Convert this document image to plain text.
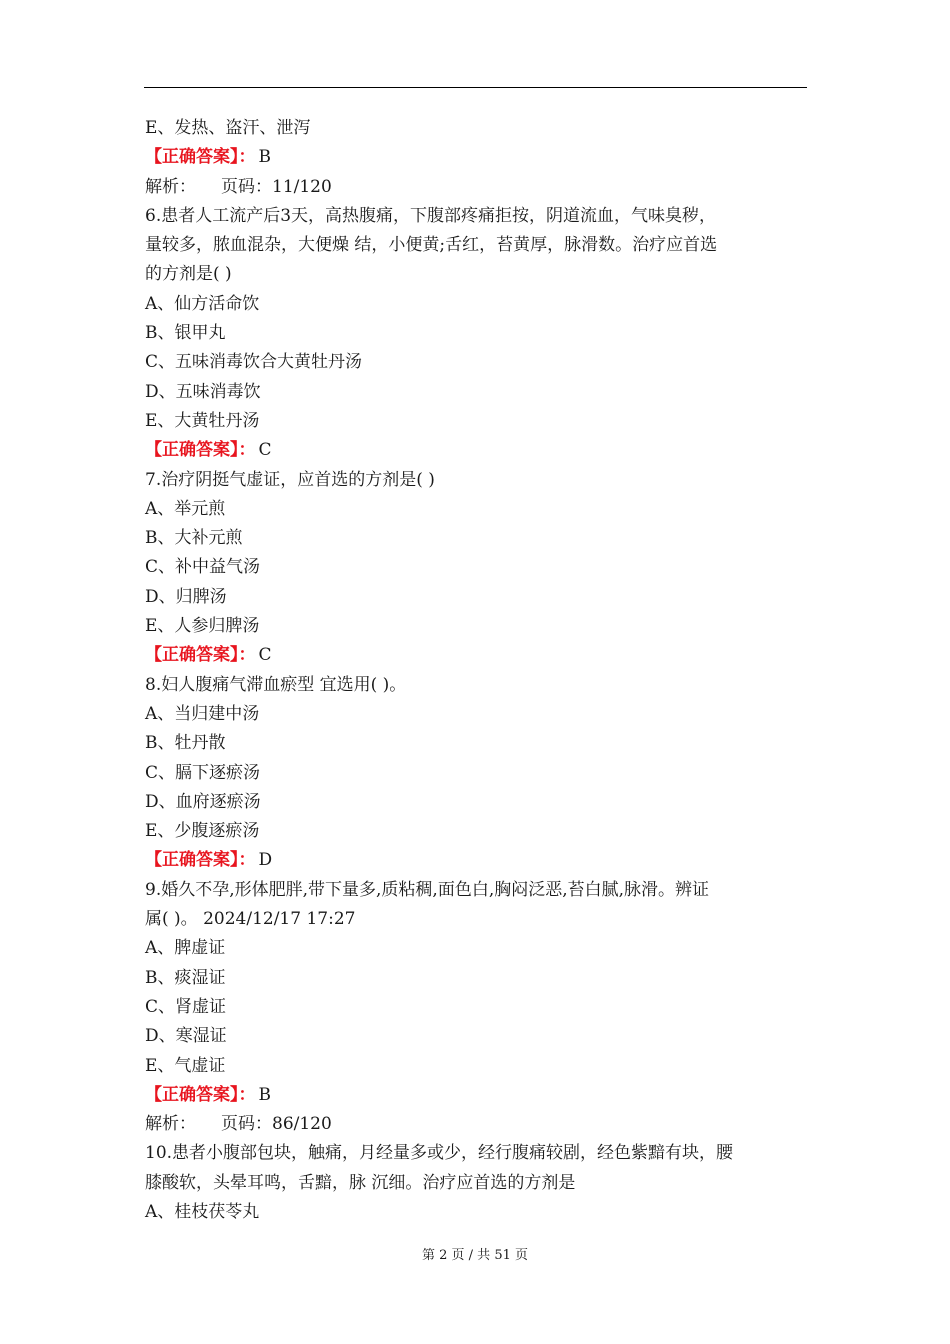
E、发热、盗汗、泄泻
【正确答案】： B
解析： 页码：11/120
6.患者人工流产后3天，高热腹痛，下腹部疼痛拒按，阴道流血，气味臭秽，
量较多，脓血混杂，大便燥 结，小便黄;舌红，苔黄厚，脉滑数。治疗应首选
的方剂是( )
A、仙方活命饮
B、银甲丸
C、五味消毒饮合大黄牡丹汤
D、五味消毒饮
E、大黄牡丹汤
【正确答案】： C
7.治疗阴挺气虚证，应首选的方剂是( )
A、举元煎
B、大补元煎
C、补中益气汤
D、归脾汤
E、人参归脾汤
【正确答案】： C
8.妇人腹痛气滞血瘀型 宜选用( )。
A、当归建中汤
B、牡丹散
C、膈下逐瘀汤
D、血府逐瘀汤
E、少腹逐瘀汤
【正确答案】： D
9.婚久不孕,形体肥胖,带下量多,质粘稠,面色白,胸闷泛恶,苔白腻,脉滑。辨证
属( )。 2024/12/17 17:27
A、脾虚证
B、痰湿证
C、肾虚证
D、寒湿证
E、气虚证
【正确答案】： B
解析： 页码：86/120
10.患者小腹部包块，触痛，月经量多或少，经行腹痛较剧，经色紫黯有块，腰
膝酸软，头晕耳鸣，舌黯，脉 沉细。治疗应首选的方剂是
A、桂枝茯苓丸
第 2 页 / 共 51 页
